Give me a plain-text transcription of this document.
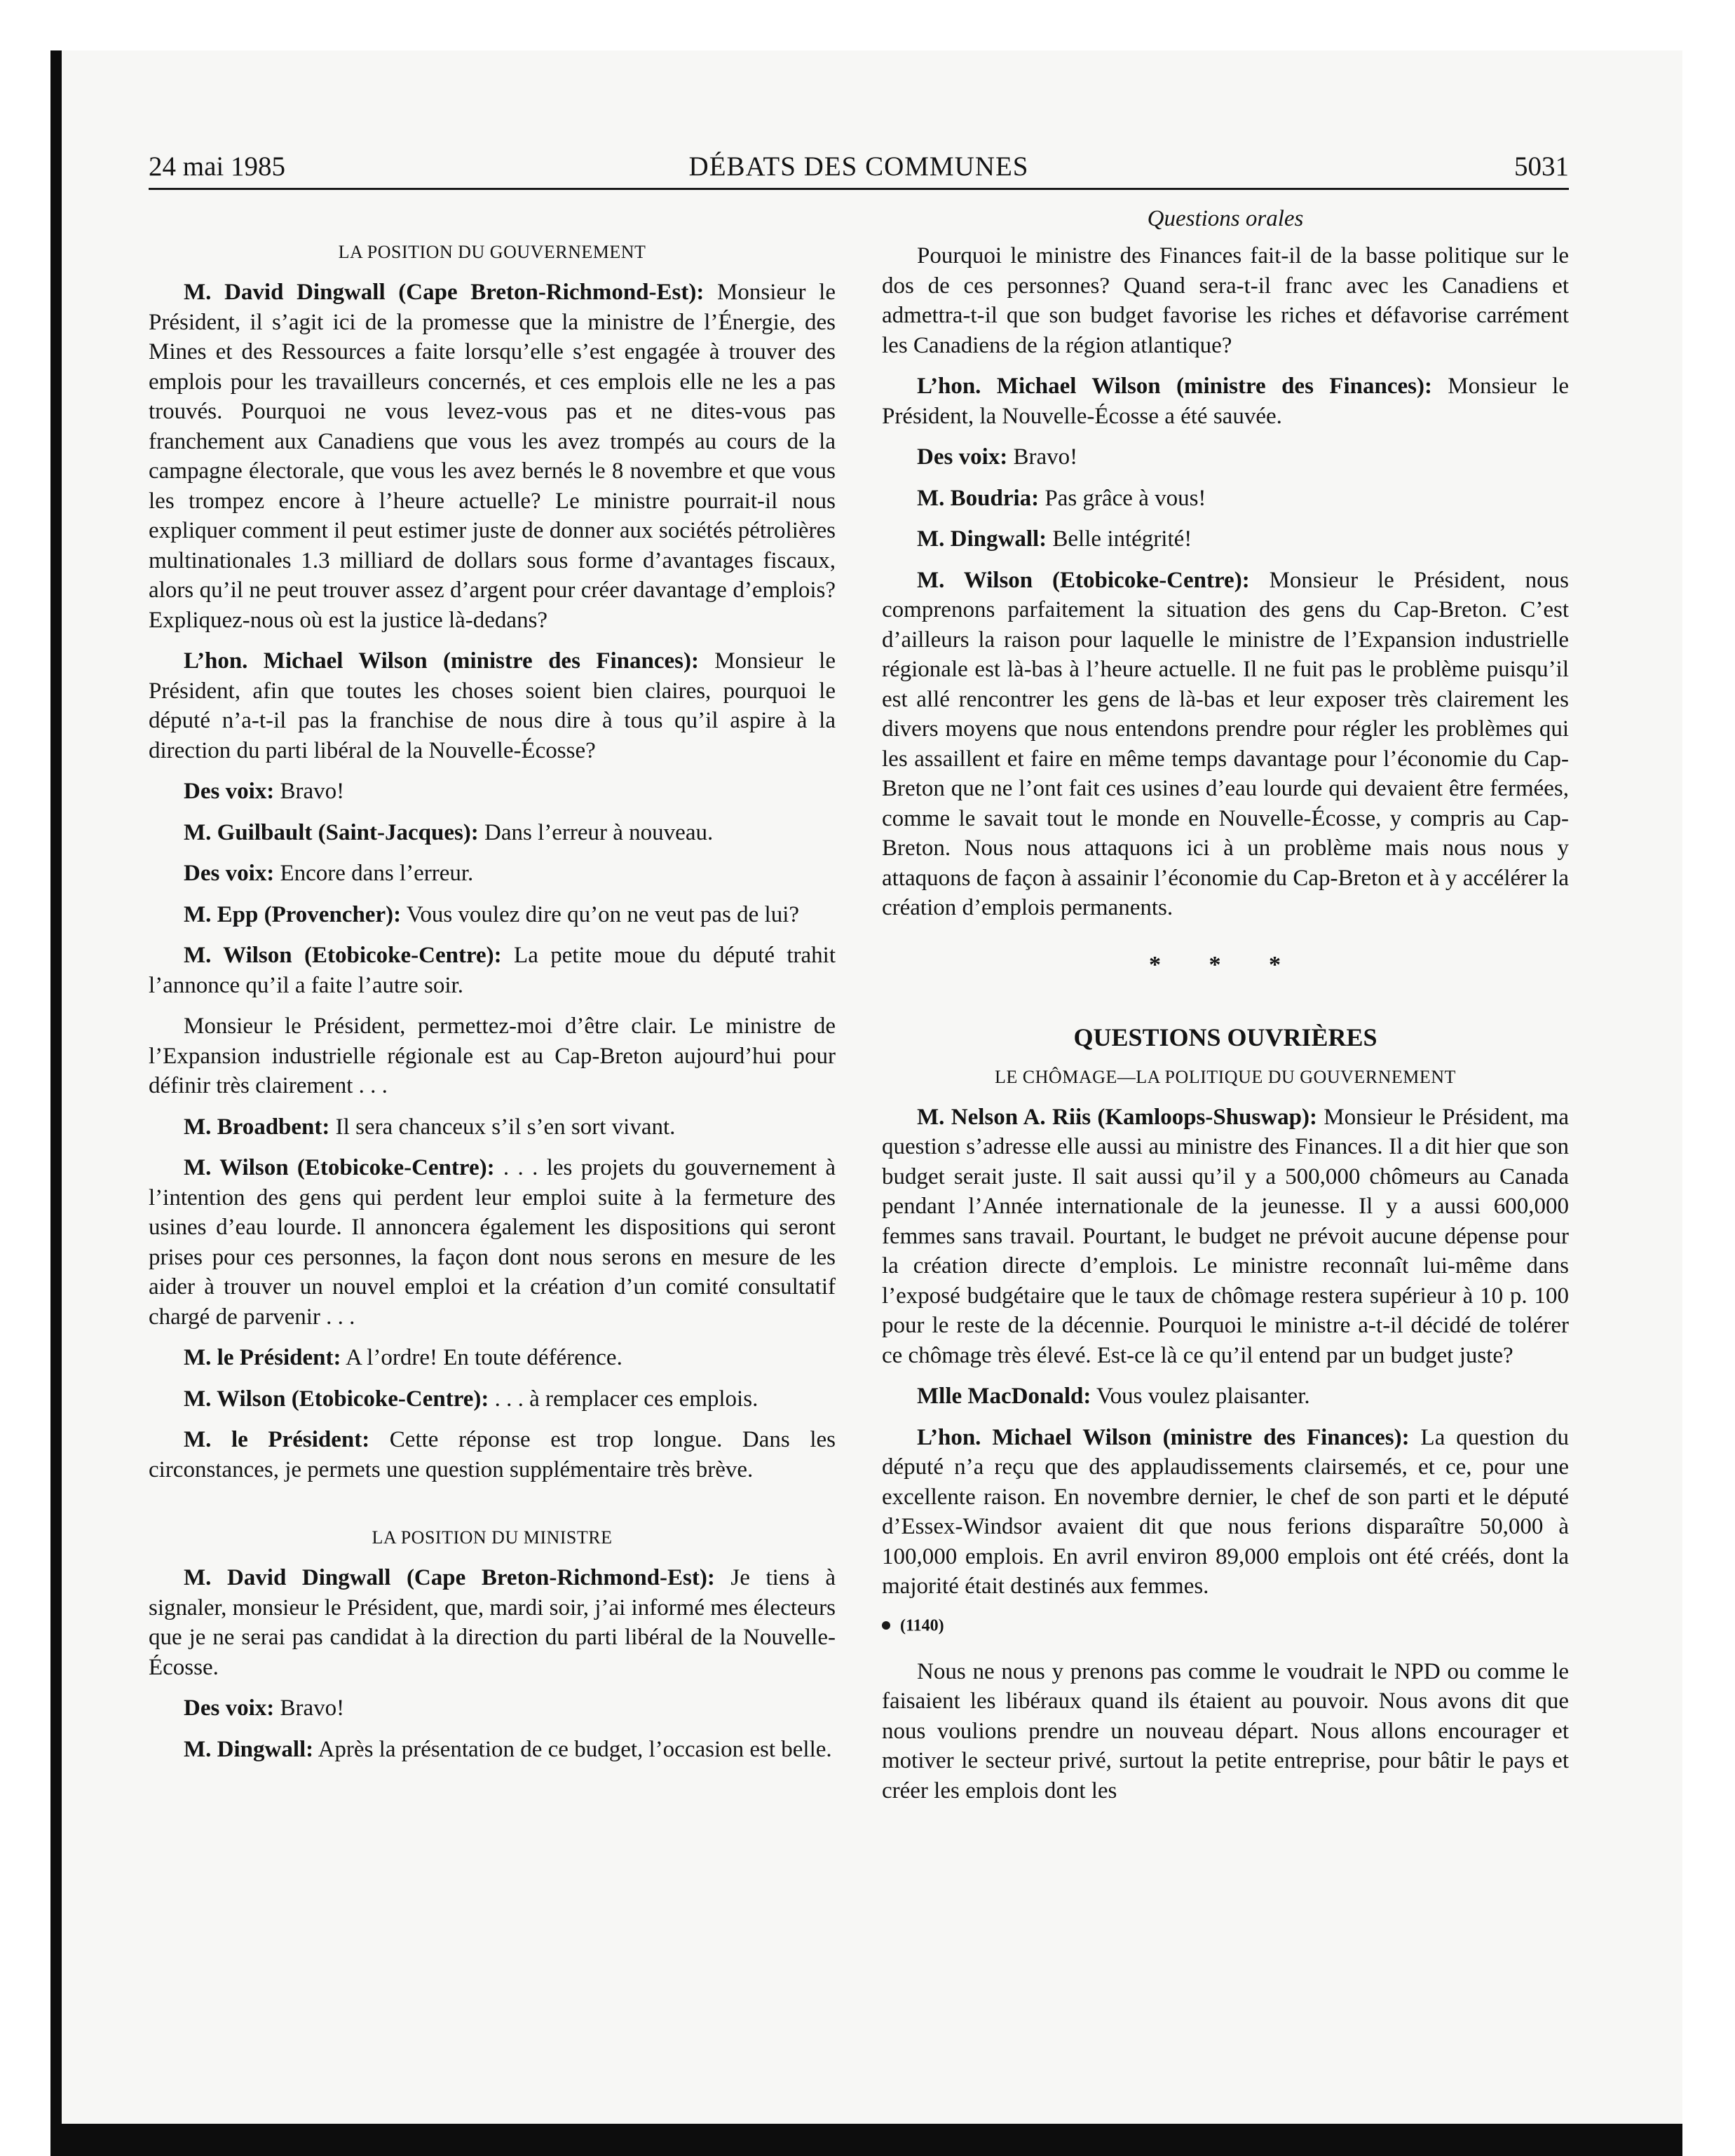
24 mai 1985	DÉBATS DES COMMUNES	5031
LA POSITION DU GOUVERNEMENT

M. David Dingwall (Cape Breton-Richmond-Est): Monsieur le Président, il s’agit ici de la promesse que la ministre de l’Énergie, des Mines et des Ressources a faite lorsqu’elle s’est engagée à trouver des emplois pour les travailleurs concernés, et ces emplois elle ne les a pas trouvés. Pourquoi ne vous levez-vous pas et ne dites-vous pas franchement aux Canadiens que vous les avez trompés au cours de la campagne électorale, que vous les avez bernés le 8 novembre et que vous les trompez encore à l’heure actuelle? Le ministre pourrait-il nous expliquer comment il peut estimer juste de donner aux sociétés pétrolières multinationales 1.3 milliard de dollars sous forme d’avantages fiscaux, alors qu’il ne peut trouver assez d’argent pour créer davantage d’emplois? Expliquez-nous où est la justice là-dedans?

L’hon. Michael Wilson (ministre des Finances): Monsieur le Président, afin que toutes les choses soient bien claires, pourquoi le député n’a-t-il pas la franchise de nous dire à tous qu’il aspire à la direction du parti libéral de la Nouvelle-Écosse?

Des voix: Bravo!

M. Guilbault (Saint-Jacques): Dans l’erreur à nouveau.

Des voix: Encore dans l’erreur.

M. Epp (Provencher): Vous voulez dire qu’on ne veut pas de lui?

M. Wilson (Etobicoke-Centre): La petite moue du député trahit l’annonce qu’il a faite l’autre soir.

Monsieur le Président, permettez-moi d’être clair. Le ministre de l’Expansion industrielle régionale est au Cap-Breton aujourd’hui pour définir très clairement . . .

M. Broadbent: Il sera chanceux s’il s’en sort vivant.

M. Wilson (Etobicoke-Centre): . . . les projets du gouvernement à l’intention des gens qui perdent leur emploi suite à la fermeture des usines d’eau lourde. Il annoncera également les dispositions qui seront prises pour ces personnes, la façon dont nous serons en mesure de les aider à trouver un nouvel emploi et la création d’un comité consultatif chargé de parvenir . . .

M. le Président: A l’ordre! En toute déférence.

M. Wilson (Etobicoke-Centre): . . . à remplacer ces emplois.

M. le Président: Cette réponse est trop longue. Dans les circonstances, je permets une question supplémentaire très brève.

LA POSITION DU MINISTRE

M. David Dingwall (Cape Breton-Richmond-Est): Je tiens à signaler, monsieur le Président, que, mardi soir, j’ai informé mes électeurs que je ne serai pas candidat à la direction du parti libéral de la Nouvelle-Écosse.

Des voix: Bravo!

M. Dingwall: Après la présentation de ce budget, l’occasion est belle.

Questions orales

Pourquoi le ministre des Finances fait-il de la basse politique sur le dos de ces personnes? Quand sera-t-il franc avec les Canadiens et admettra-t-il que son budget favorise les riches et défavorise carrément les Canadiens de la région atlantique?

L’hon. Michael Wilson (ministre des Finances): Monsieur le Président, la Nouvelle-Écosse a été sauvée.

Des voix: Bravo!

M. Boudria: Pas grâce à vous!

M. Dingwall: Belle intégrité!

M. Wilson (Etobicoke-Centre): Monsieur le Président, nous comprenons parfaitement la situation des gens du Cap-Breton. C’est d’ailleurs la raison pour laquelle le ministre de l’Expansion industrielle régionale est là-bas à l’heure actuelle. Il ne fuit pas le problème puisqu’il est allé rencontrer les gens de là-bas et leur exposer très clairement les divers moyens que nous entendons prendre pour régler les problèmes qui les assaillent et faire en même temps davantage pour l’économie du Cap-Breton que ne l’ont fait ces usines d’eau lourde qui devaient être fermées, comme le savait tout le monde en Nouvelle-Écosse, y compris au Cap-Breton. Nous nous attaquons ici à un problème mais nous nous y attaquons de façon à assainir l’économie du Cap-Breton et à y accélérer la création d’emplois permanents.

* * *
QUESTIONS OUVRIÈRES
LE CHÔMAGE—LA POLITIQUE DU GOUVERNEMENT

M. Nelson A. Riis (Kamloops-Shuswap): Monsieur le Président, ma question s’adresse elle aussi au ministre des Finances. Il a dit hier que son budget serait juste. Il sait aussi qu’il y a 500,000 chômeurs au Canada pendant l’Année internationale de la jeunesse. Il y a aussi 600,000 femmes sans travail. Pourtant, le budget ne prévoit aucune dépense pour la création directe d’emplois. Le ministre reconnaît lui-même dans l’exposé budgétaire que le taux de chômage restera supérieur à 10 p. 100 pour le reste de la décennie. Pourquoi le ministre a-t-il décidé de tolérer ce chômage très élevé. Est-ce là ce qu’il entend par un budget juste?

Mlle MacDonald: Vous voulez plaisanter.

L’hon. Michael Wilson (ministre des Finances): La question du député n’a reçu que des applaudissements clairsemés, et ce, pour une excellente raison. En novembre dernier, le chef de son parti et le député d’Essex-Windsor avaient dit que nous ferions disparaître 50,000 à 100,000 emplois. En avril environ 89,000 emplois ont été créés, dont la majorité était destinés aux femmes.

(1140)

Nous ne nous y prenons pas comme le voudrait le NPD ou comme le faisaient les libéraux quand ils étaient au pouvoir. Nous avons dit que nous voulions prendre un nouveau départ. Nous allons encourager et motiver le secteur privé, surtout la petite entreprise, pour bâtir le pays et créer les emplois dont les
